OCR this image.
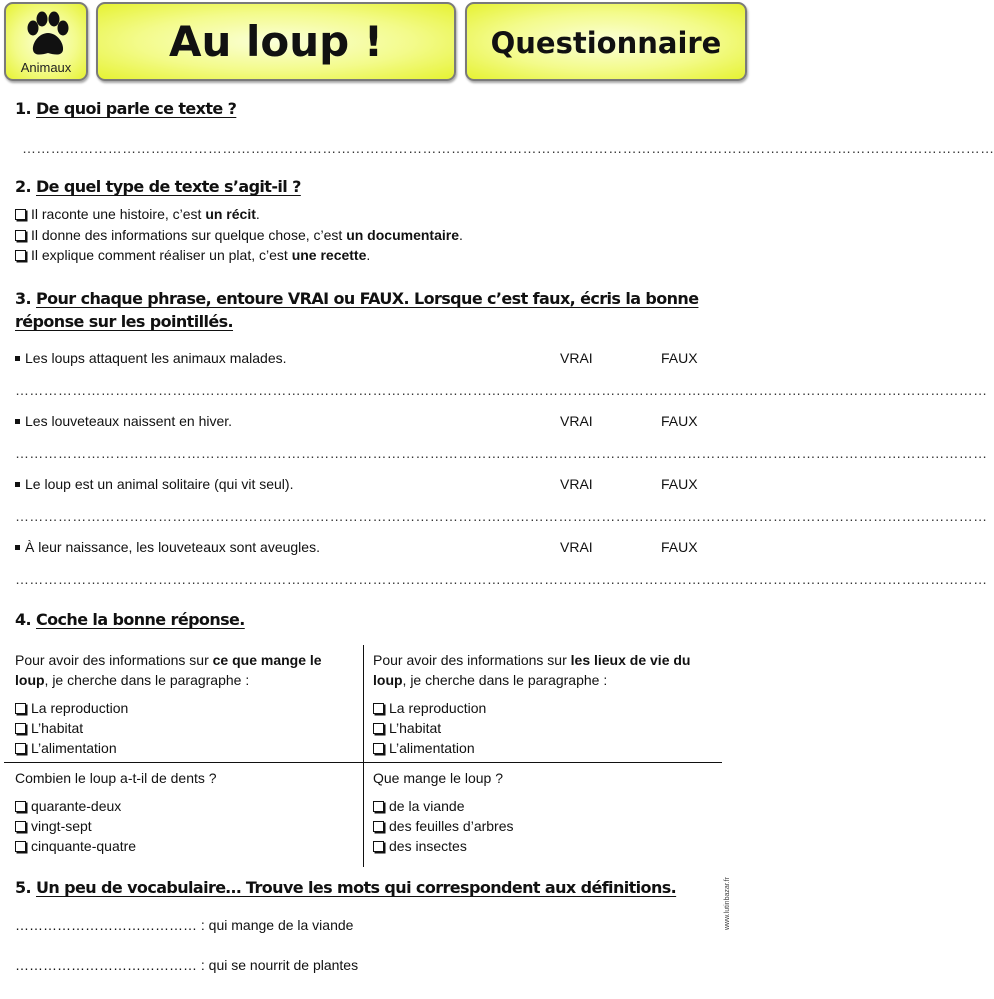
Animaux
Au loup !	Questionnaire
1. De quoi parle ce texte ?
……………………………………………………………………………………………………………………………………………………………………………………
2. De quel type de texte s’agit-il ?
Il raconte une histoire, c’est un récit.
Il donne des informations sur quelque chose, c’est un documentaire.
Il explique comment réaliser un plat, c’est une recette.
3. Pour chaque phrase, entoure VRAI ou FAUX. Lorsque c’est faux, écris la bonne réponse sur les pointillés.
Les loups attaquent les animaux malades.	VRAI	FAUX
……………………………………………………………………………………………………………………………………………………………………………………
Les louveteaux naissent en hiver.	VRAI	FAUX
……………………………………………………………………………………………………………………………………………………………………………………
Le loup est un animal solitaire (qui vit seul).	VRAI	FAUX
……………………………………………………………………………………………………………………………………………………………………………………
À leur naissance, les louveteaux sont aveugles.	VRAI	FAUX
……………………………………………………………………………………………………………………………………………………………………………………
4. Coche la bonne réponse.
Pour avoir des informations sur ce que mange le loup, je cherche dans le paragraphe :
La reproduction
L’habitat
L’alimentation
Pour avoir des informations sur les lieux de vie du loup, je cherche dans le paragraphe :
La reproduction
L’habitat
L’alimentation
Combien le loup a-t-il de dents ?
quarante-deux
vingt-sept
cinquante-quatre
Que mange le loup ?
de la viande
des feuilles d’arbres
des insectes
5. Un peu de vocabulaire… Trouve les mots qui correspondent aux définitions.
………………………………… : qui mange de la viande
………………………………… : qui se nourrit de plantes
www.lutinbazar.fr
